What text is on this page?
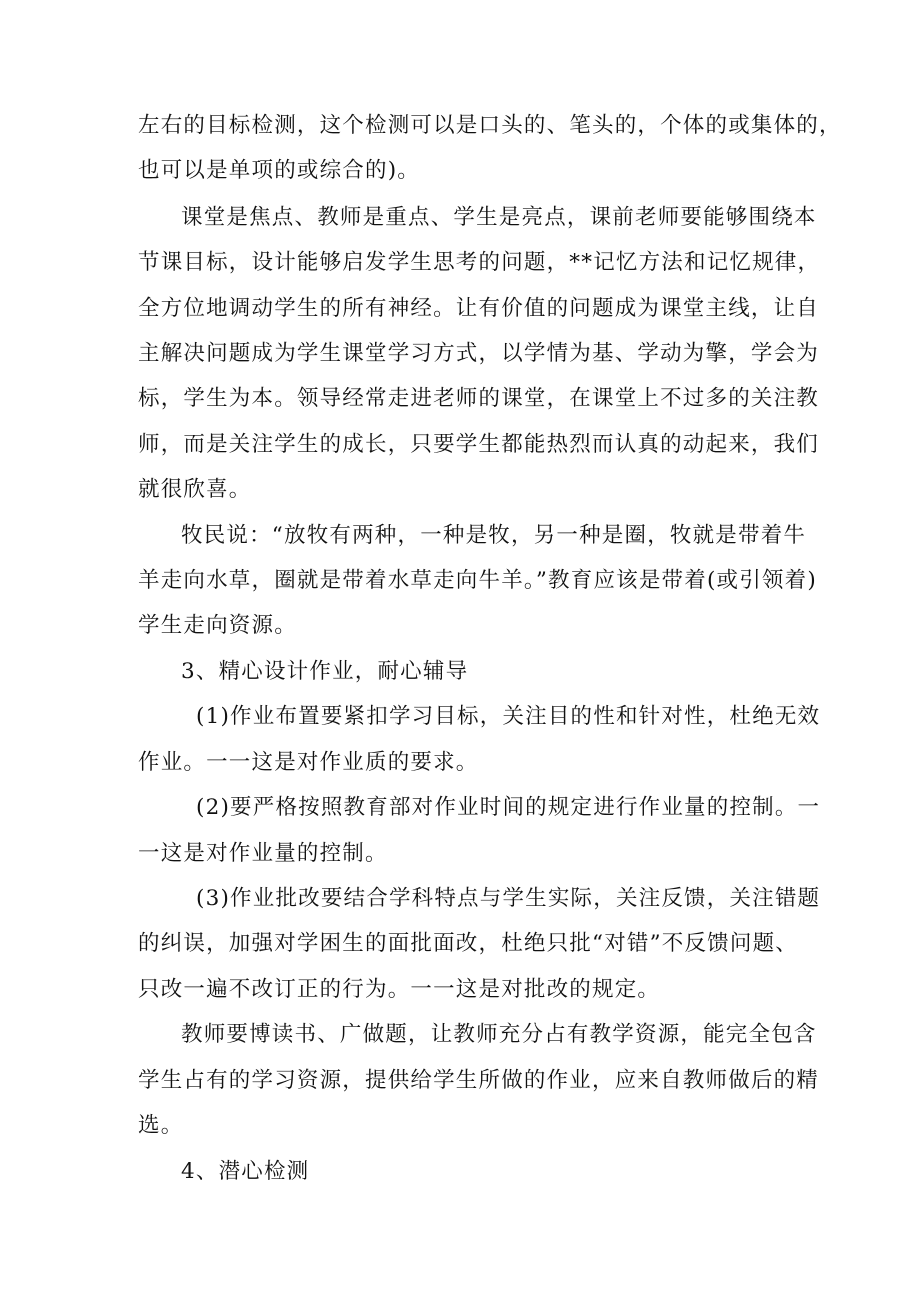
左右的目标检测，这个检测可以是口头的、笔头的，个体的或集体的，
也可以是单项的或综合的)。
课堂是焦点、教师是重点、学生是亮点，课前老师要能够围绕本
节课目标，设计能够启发学生思考的问题，**记忆方法和记忆规律，
全方位地调动学生的所有神经。让有价值的问题成为课堂主线，让自
主解决问题成为学生课堂学习方式，以学情为基、学动为擎，学会为
标，学生为本。领导经常走进老师的课堂，在课堂上不过多的关注教
师，而是关注学生的成长，只要学生都能热烈而认真的动起来，我们
就很欣喜。
牧民说：“放牧有两种，一种是牧，另一种是圈，牧就是带着牛
羊走向水草，圈就是带着水草走向牛羊。”教育应该是带着(或引领着)
学生走向资源。
3、精心设计作业，耐心辅导
(1)作业布置要紧扣学习目标，关注目的性和针对性，杜绝无效
作业。一一这是对作业质的要求。
(2)要严格按照教育部对作业时间的规定进行作业量的控制。一
一这是对作业量的控制。
(3)作业批改要结合学科特点与学生实际，关注反馈，关注错题
的纠误，加强对学困生的面批面改，杜绝只批“对错”不反馈问题、
只改一遍不改订正的行为。一一这是对批改的规定。
教师要博读书、广做题，让教师充分占有教学资源，能完全包含
学生占有的学习资源，提供给学生所做的作业，应来自教师做后的精
选。
4、潜心检测
